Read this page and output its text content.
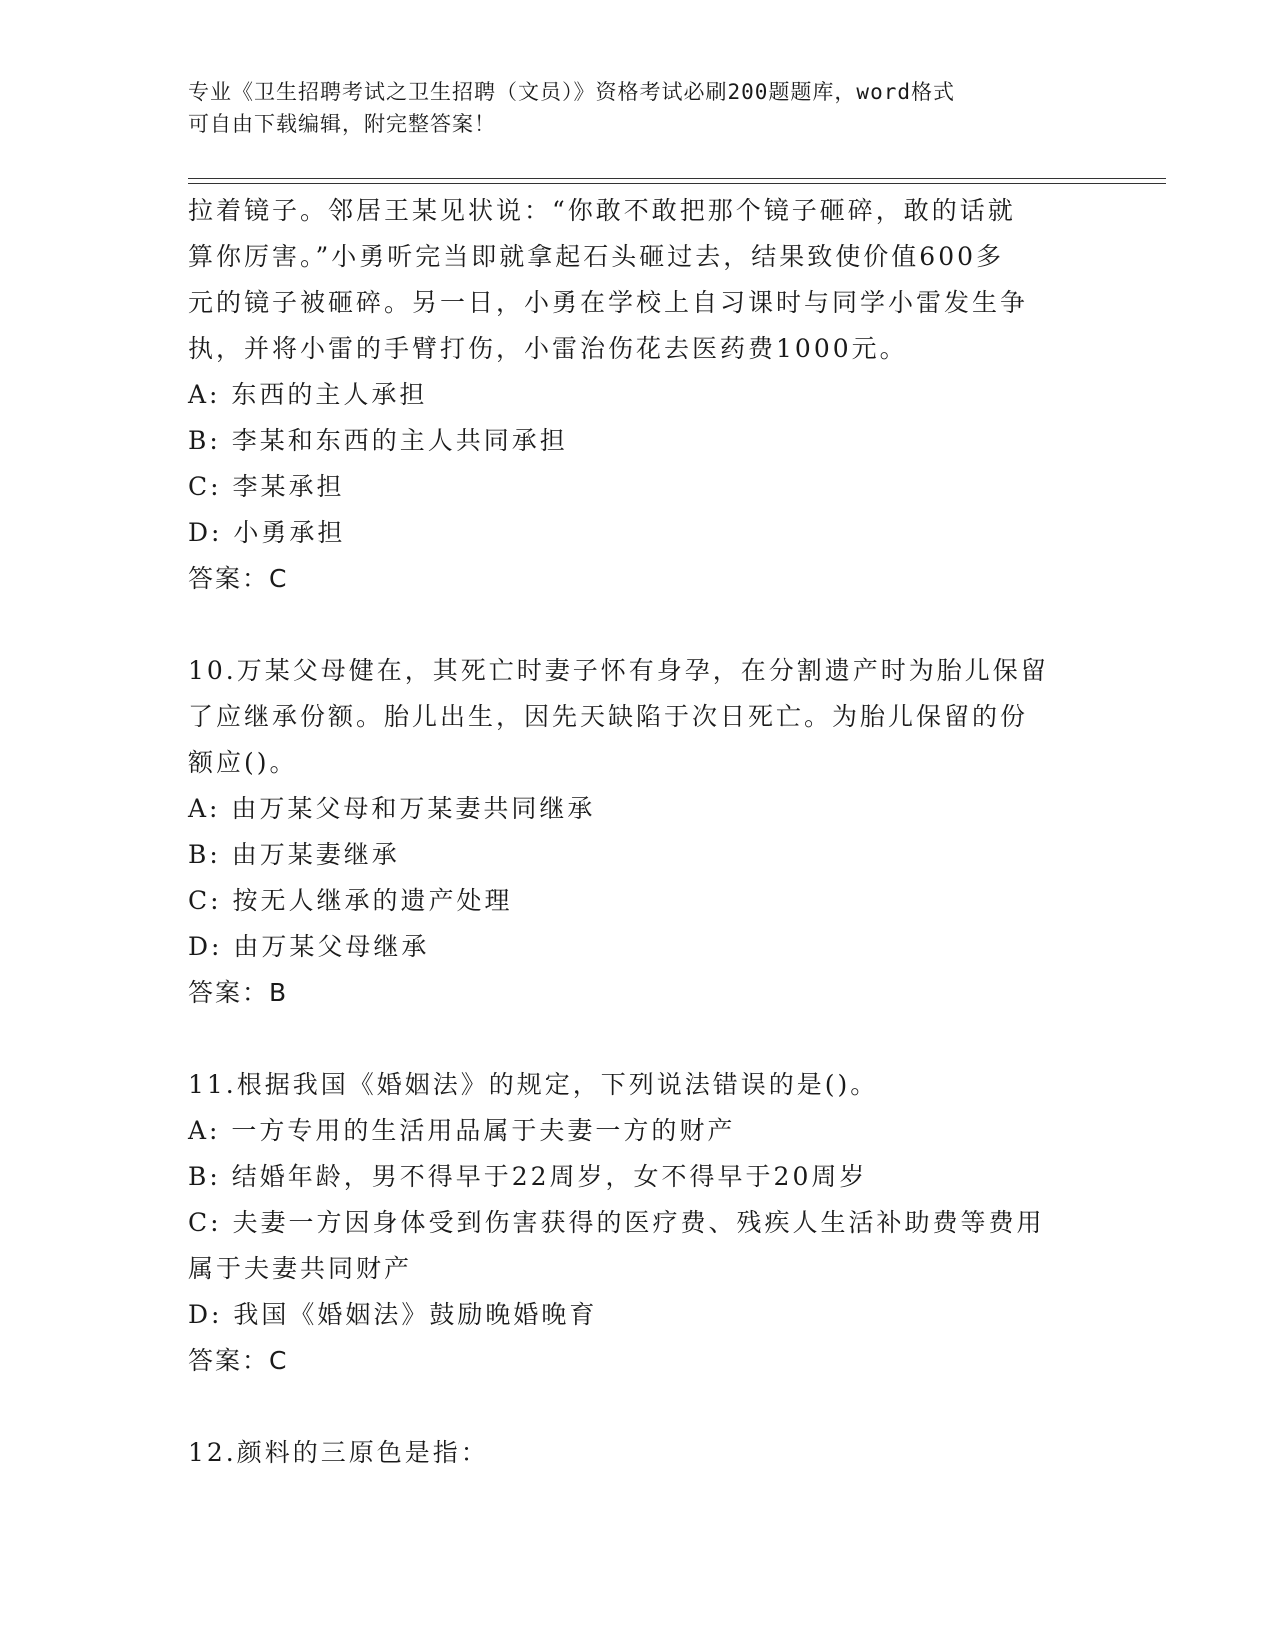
专业《卫生招聘考试之卫生招聘（文员）》资格考试必刷200题题库，word格式
可自由下载编辑，附完整答案！
拉着镜子。邻居王某见状说：“你敢不敢把那个镜子砸碎，敢的话就
算你厉害。”小勇听完当即就拿起石头砸过去，结果致使价值600多
元的镜子被砸碎。另一日，小勇在学校上自习课时与同学小雷发生争
执，并将小雷的手臂打伤，小雷治伤花去医药费1000元。
A: 东西的主人承担
B: 李某和东西的主人共同承担
C: 李某承担
D: 小勇承担
答案：C
10.万某父母健在，其死亡时妻子怀有身孕，在分割遗产时为胎儿保留
了应继承份额。胎儿出生，因先天缺陷于次日死亡。为胎儿保留的份
额应()。
A: 由万某父母和万某妻共同继承
B: 由万某妻继承
C: 按无人继承的遗产处理
D: 由万某父母继承
答案：B
11.根据我国《婚姻法》的规定，下列说法错误的是()。
A: 一方专用的生活用品属于夫妻一方的财产
B: 结婚年龄，男不得早于22周岁，女不得早于20周岁
C: 夫妻一方因身体受到伤害获得的医疗费、残疾人生活补助费等费用
属于夫妻共同财产
D: 我国《婚姻法》鼓励晚婚晚育
答案：C
12.颜料的三原色是指：
